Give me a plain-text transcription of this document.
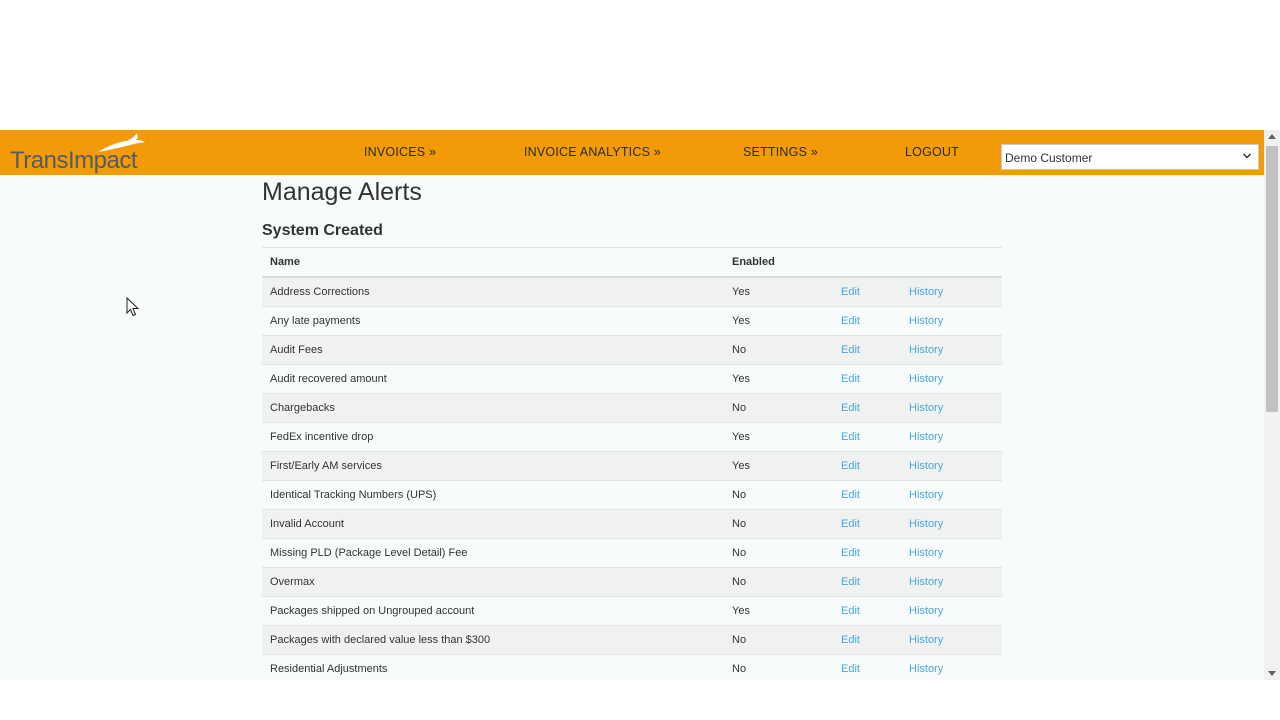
TransImpact	INVOICES »	INVOICE ANALYTICS »	SETTINGS »	LOGOUT	Demo Customer
Manage Alerts
System Created
Name	Enabled		
Address Corrections	Yes	Edit	History
Any late payments	Yes	Edit	History
Audit Fees	No	Edit	History
Audit recovered amount	Yes	Edit	History
Chargebacks	No	Edit	History
FedEx incentive drop	Yes	Edit	History
First/Early AM services	Yes	Edit	History
Identical Tracking Numbers (UPS)	No	Edit	History
Invalid Account	No	Edit	History
Missing PLD (Package Level Detail) Fee	No	Edit	History
Overmax	No	Edit	History
Packages shipped on Ungrouped account	Yes	Edit	History
Packages with declared value less than $300	No	Edit	History
Residential Adjustments	No	Edit	History
